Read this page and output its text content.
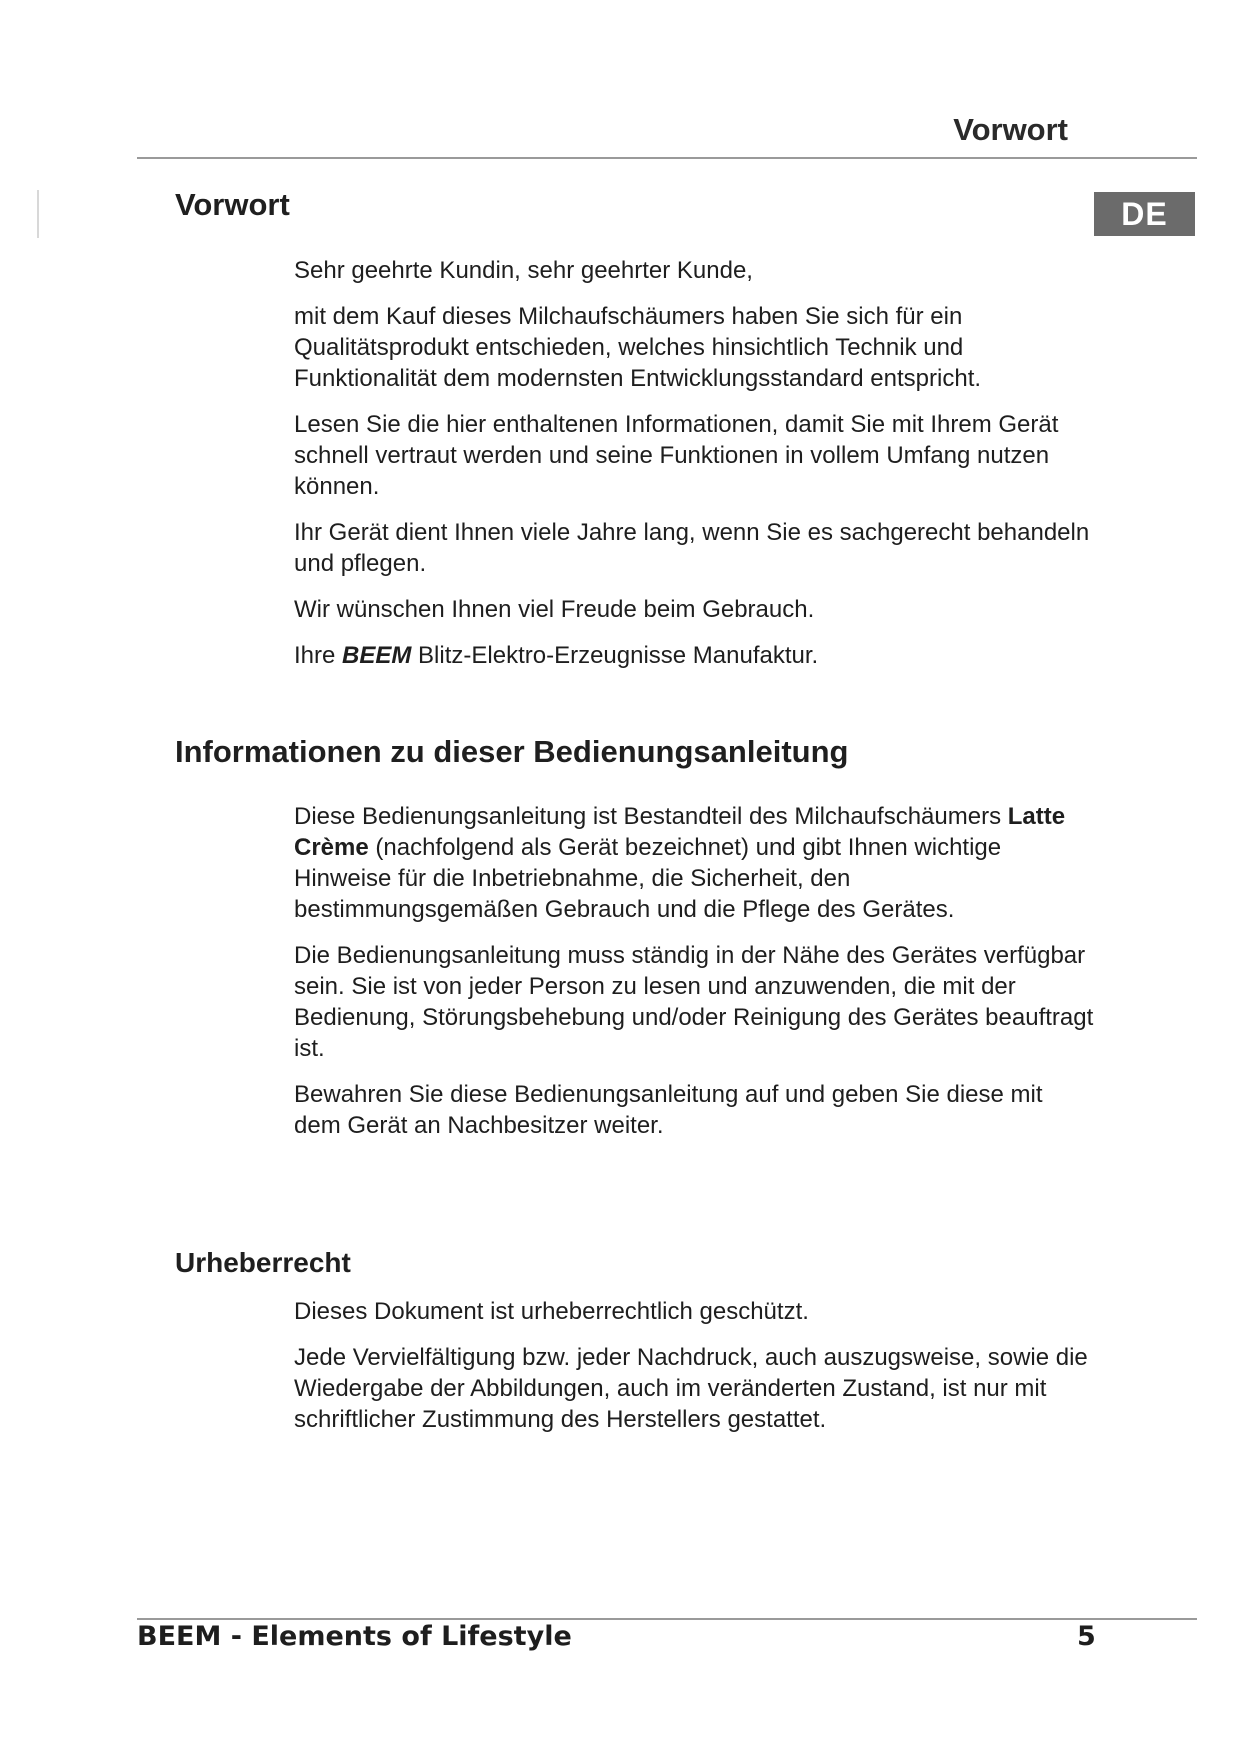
Vorwort
DE
Vorwort

Sehr geehrte Kundin, sehr geehrter Kunde,

mit dem Kauf dieses Milchaufschäumers haben Sie sich für ein Qualitätsprodukt entschieden, welches hinsichtlich Technik und Funktionalität dem modernsten Entwicklungsstandard entspricht.

Lesen Sie die hier enthaltenen Informationen, damit Sie mit Ihrem Gerät schnell vertraut werden und seine Funktionen in vollem Umfang nutzen können.

Ihr Gerät dient Ihnen viele Jahre lang, wenn Sie es sachgerecht behandeln und pflegen.

Wir wünschen Ihnen viel Freude beim Gebrauch.

Ihre BEEM Blitz-Elektro-Erzeugnisse Manufaktur.

Informationen zu dieser Bedienungsanleitung

Diese Bedienungsanleitung ist Bestandteil des Milchaufschäumers Latte Crème (nachfolgend als Gerät bezeichnet) und gibt Ihnen wichtige Hinweise für die Inbetriebnahme, die Sicherheit, den bestimmungsgemäßen Gebrauch und die Pflege des Gerätes.

Die Bedienungsanleitung muss ständig in der Nähe des Gerätes verfügbar sein. Sie ist von jeder Person zu lesen und anzuwenden, die mit der Bedienung, Störungsbehebung und/oder Reinigung des Gerätes beauftragt ist.

Bewahren Sie diese Bedienungsanleitung auf und geben Sie diese mit dem Gerät an Nachbesitzer weiter.

Urheberrecht

Dieses Dokument ist urheberrechtlich geschützt.

Jede Vervielfältigung bzw. jeder Nachdruck, auch auszugsweise, sowie die Wiedergabe der Abbildungen, auch im veränderten Zustand, ist nur mit schriftlicher Zustimmung des Herstellers gestattet.

BEEM - Elements of Lifestyle	5
